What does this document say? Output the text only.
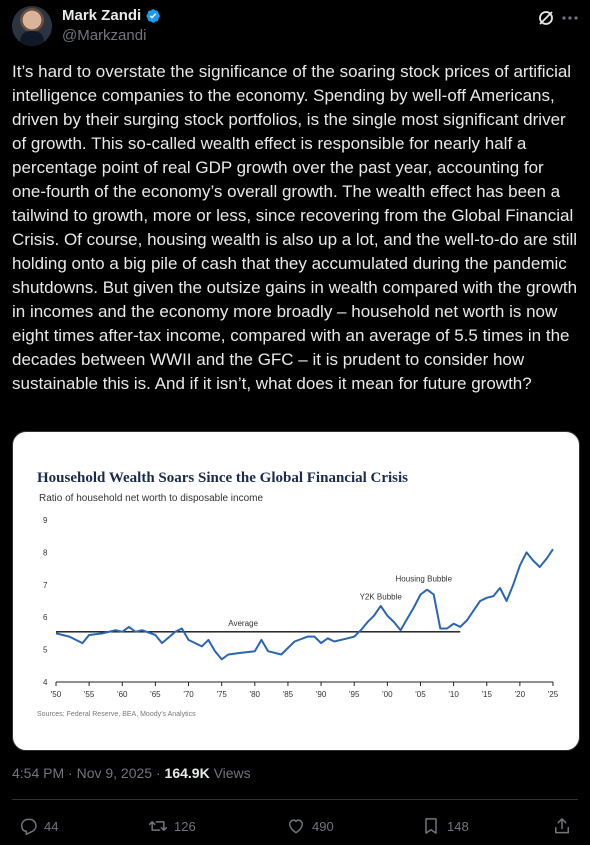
Mark Zandi
@Markzandi

It’s hard to overstate the significance of the soaring stock prices of artificial intelligence companies to the economy. Spending by well-off Americans, driven by their surging stock portfolios, is the single most significant driver of growth. This so-called wealth effect is responsible for nearly half a percentage point of real GDP growth over the past year, accounting for one-fourth of the economy’s overall growth. The wealth effect has been a tailwind to growth, more or less, since recovering from the Global Financial Crisis. Of course, housing wealth is also up a lot, and the well-to-do are still holding onto a big pile of cash that they accumulated during the pandemic shutdowns. But given the outsize gains in wealth compared with the growth in incomes and the economy more broadly – household net worth is now eight times after-tax income, compared with an average of 5.5 times in the decades between WWII and the GFC – it is prudent to consider how sustainable this is. And if it isn’t, what does it mean for future growth?

Household Wealth Soars Since the Global Financial Crisis
Ratio of household net worth to disposable income
4
5
6
7
8
9
'50	'55	'60	'65	'70	'75	'80	'85	'90	'95	'00	'05	'10	'15	'20	'25
Average
Y2K Bubble
Housing Bubble
Sources: Federal Reserve, BEA, Moody’s Analytics
4:54 PM · Nov 9, 2025 · 164.9K Views
44	126	490	148
